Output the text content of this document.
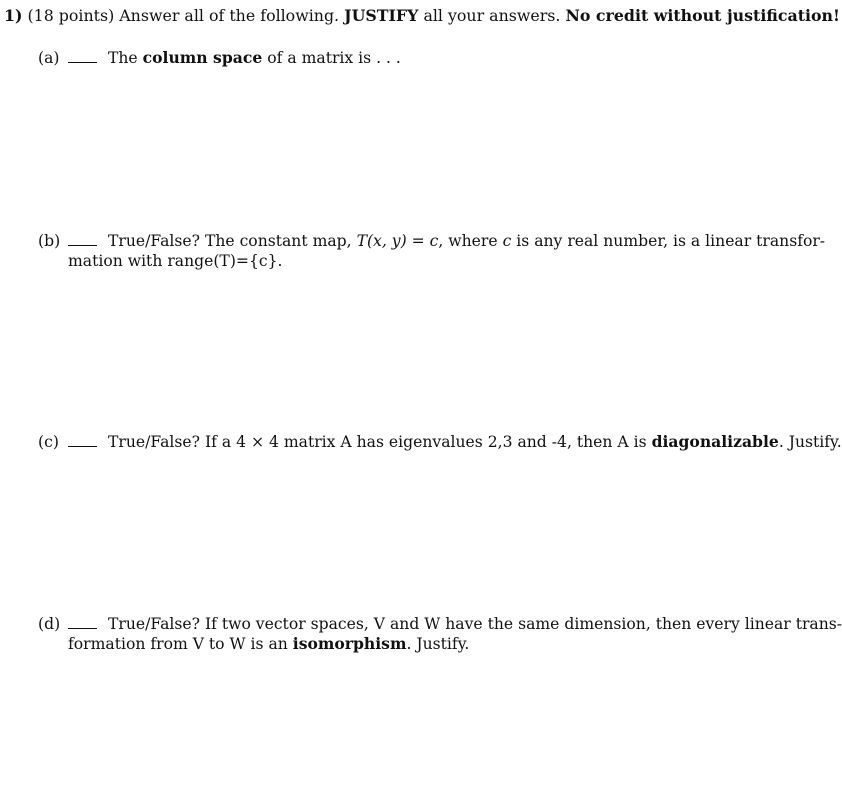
1) (18 points) Answer all of the following. JUSTIFY all your answers. No credit without justification!
(a)	The column space of a matrix is . . .
(b)	True/False? The constant map, T(x, y) = c, where c is any real number, is a linear transfor-
mation with range(T)={c}.
(c)	True/False? If a 4 × 4 matrix A has eigenvalues 2,3 and -4, then A is diagonalizable. Justify.
(d)	True/False? If two vector spaces, V and W have the same dimension, then every linear trans-
formation from V to W is an isomorphism. Justify.
